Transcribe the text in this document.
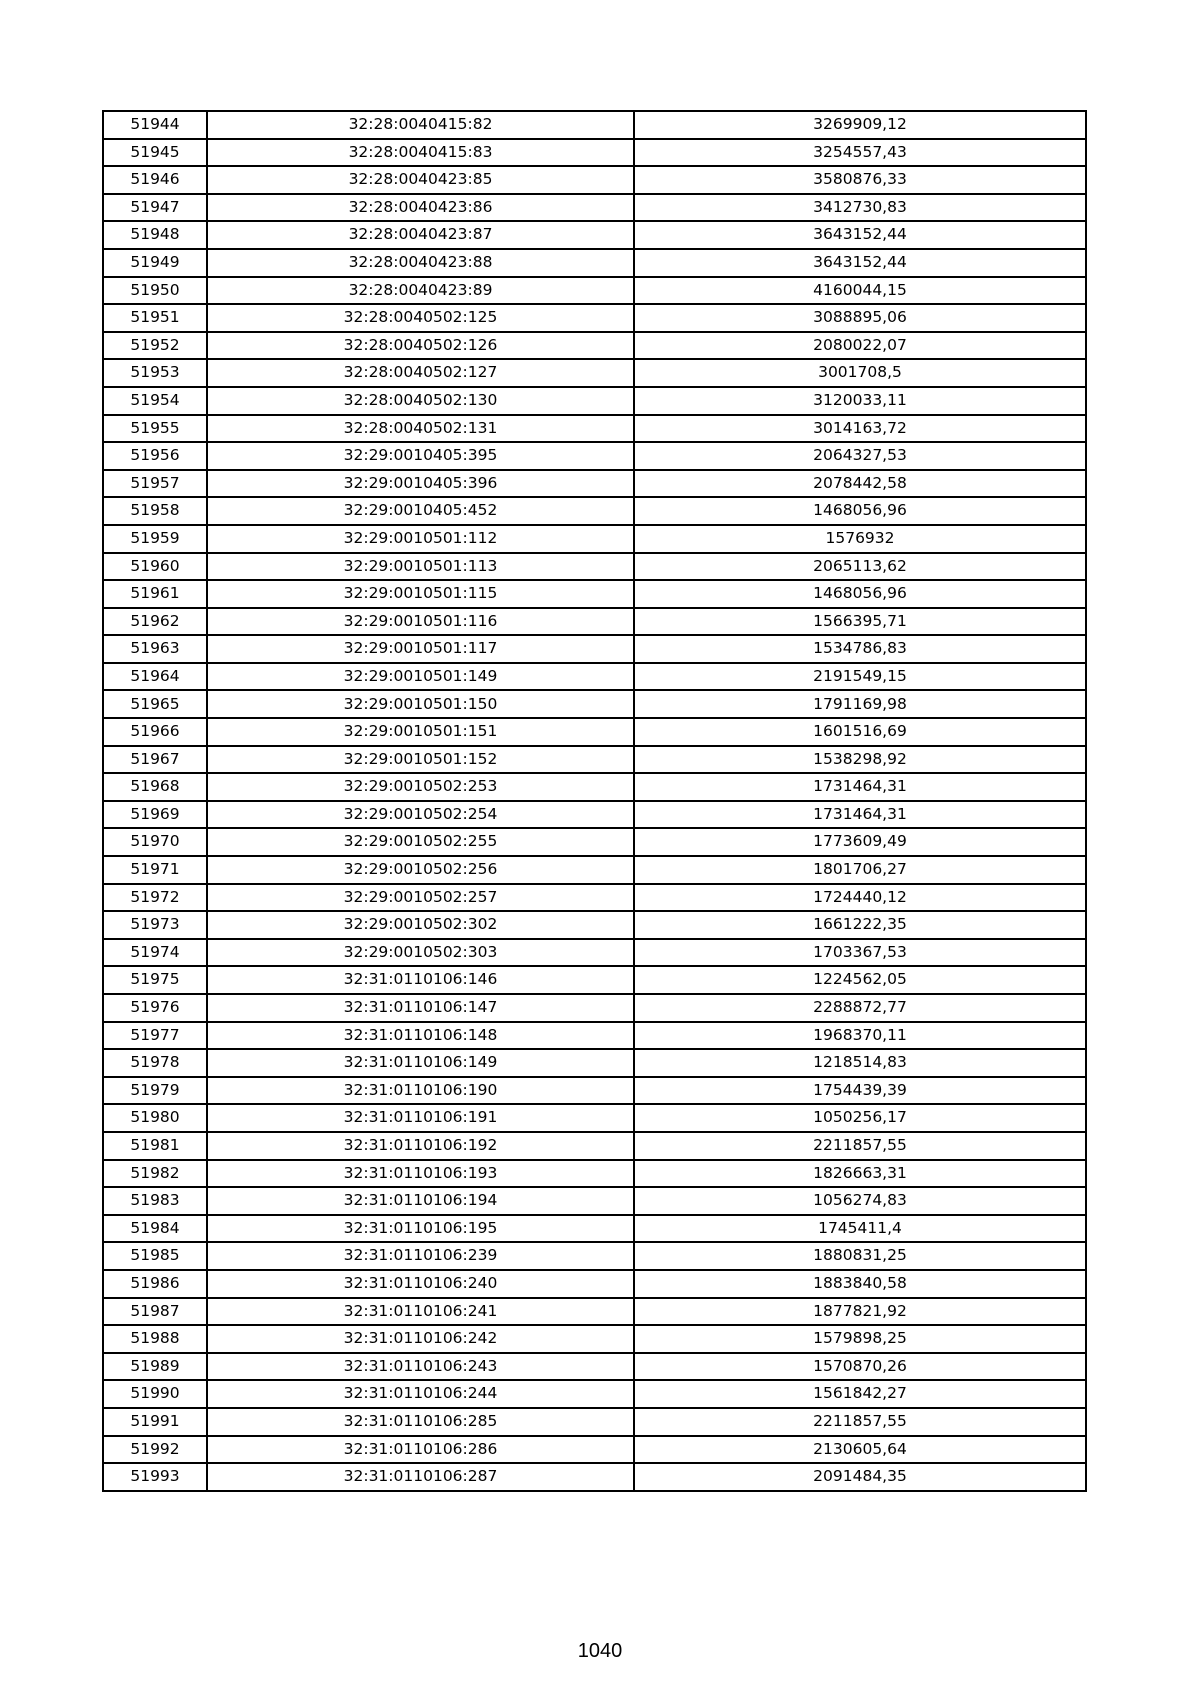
51944	32:28:0040415:82	3269909,12
51945	32:28:0040415:83	3254557,43
51946	32:28:0040423:85	3580876,33
51947	32:28:0040423:86	3412730,83
51948	32:28:0040423:87	3643152,44
51949	32:28:0040423:88	3643152,44
51950	32:28:0040423:89	4160044,15
51951	32:28:0040502:125	3088895,06
51952	32:28:0040502:126	2080022,07
51953	32:28:0040502:127	3001708,5
51954	32:28:0040502:130	3120033,11
51955	32:28:0040502:131	3014163,72
51956	32:29:0010405:395	2064327,53
51957	32:29:0010405:396	2078442,58
51958	32:29:0010405:452	1468056,96
51959	32:29:0010501:112	1576932
51960	32:29:0010501:113	2065113,62
51961	32:29:0010501:115	1468056,96
51962	32:29:0010501:116	1566395,71
51963	32:29:0010501:117	1534786,83
51964	32:29:0010501:149	2191549,15
51965	32:29:0010501:150	1791169,98
51966	32:29:0010501:151	1601516,69
51967	32:29:0010501:152	1538298,92
51968	32:29:0010502:253	1731464,31
51969	32:29:0010502:254	1731464,31
51970	32:29:0010502:255	1773609,49
51971	32:29:0010502:256	1801706,27
51972	32:29:0010502:257	1724440,12
51973	32:29:0010502:302	1661222,35
51974	32:29:0010502:303	1703367,53
51975	32:31:0110106:146	1224562,05
51976	32:31:0110106:147	2288872,77
51977	32:31:0110106:148	1968370,11
51978	32:31:0110106:149	1218514,83
51979	32:31:0110106:190	1754439,39
51980	32:31:0110106:191	1050256,17
51981	32:31:0110106:192	2211857,55
51982	32:31:0110106:193	1826663,31
51983	32:31:0110106:194	1056274,83
51984	32:31:0110106:195	1745411,4
51985	32:31:0110106:239	1880831,25
51986	32:31:0110106:240	1883840,58
51987	32:31:0110106:241	1877821,92
51988	32:31:0110106:242	1579898,25
51989	32:31:0110106:243	1570870,26
51990	32:31:0110106:244	1561842,27
51991	32:31:0110106:285	2211857,55
51992	32:31:0110106:286	2130605,64
51993	32:31:0110106:287	2091484,35
1040
